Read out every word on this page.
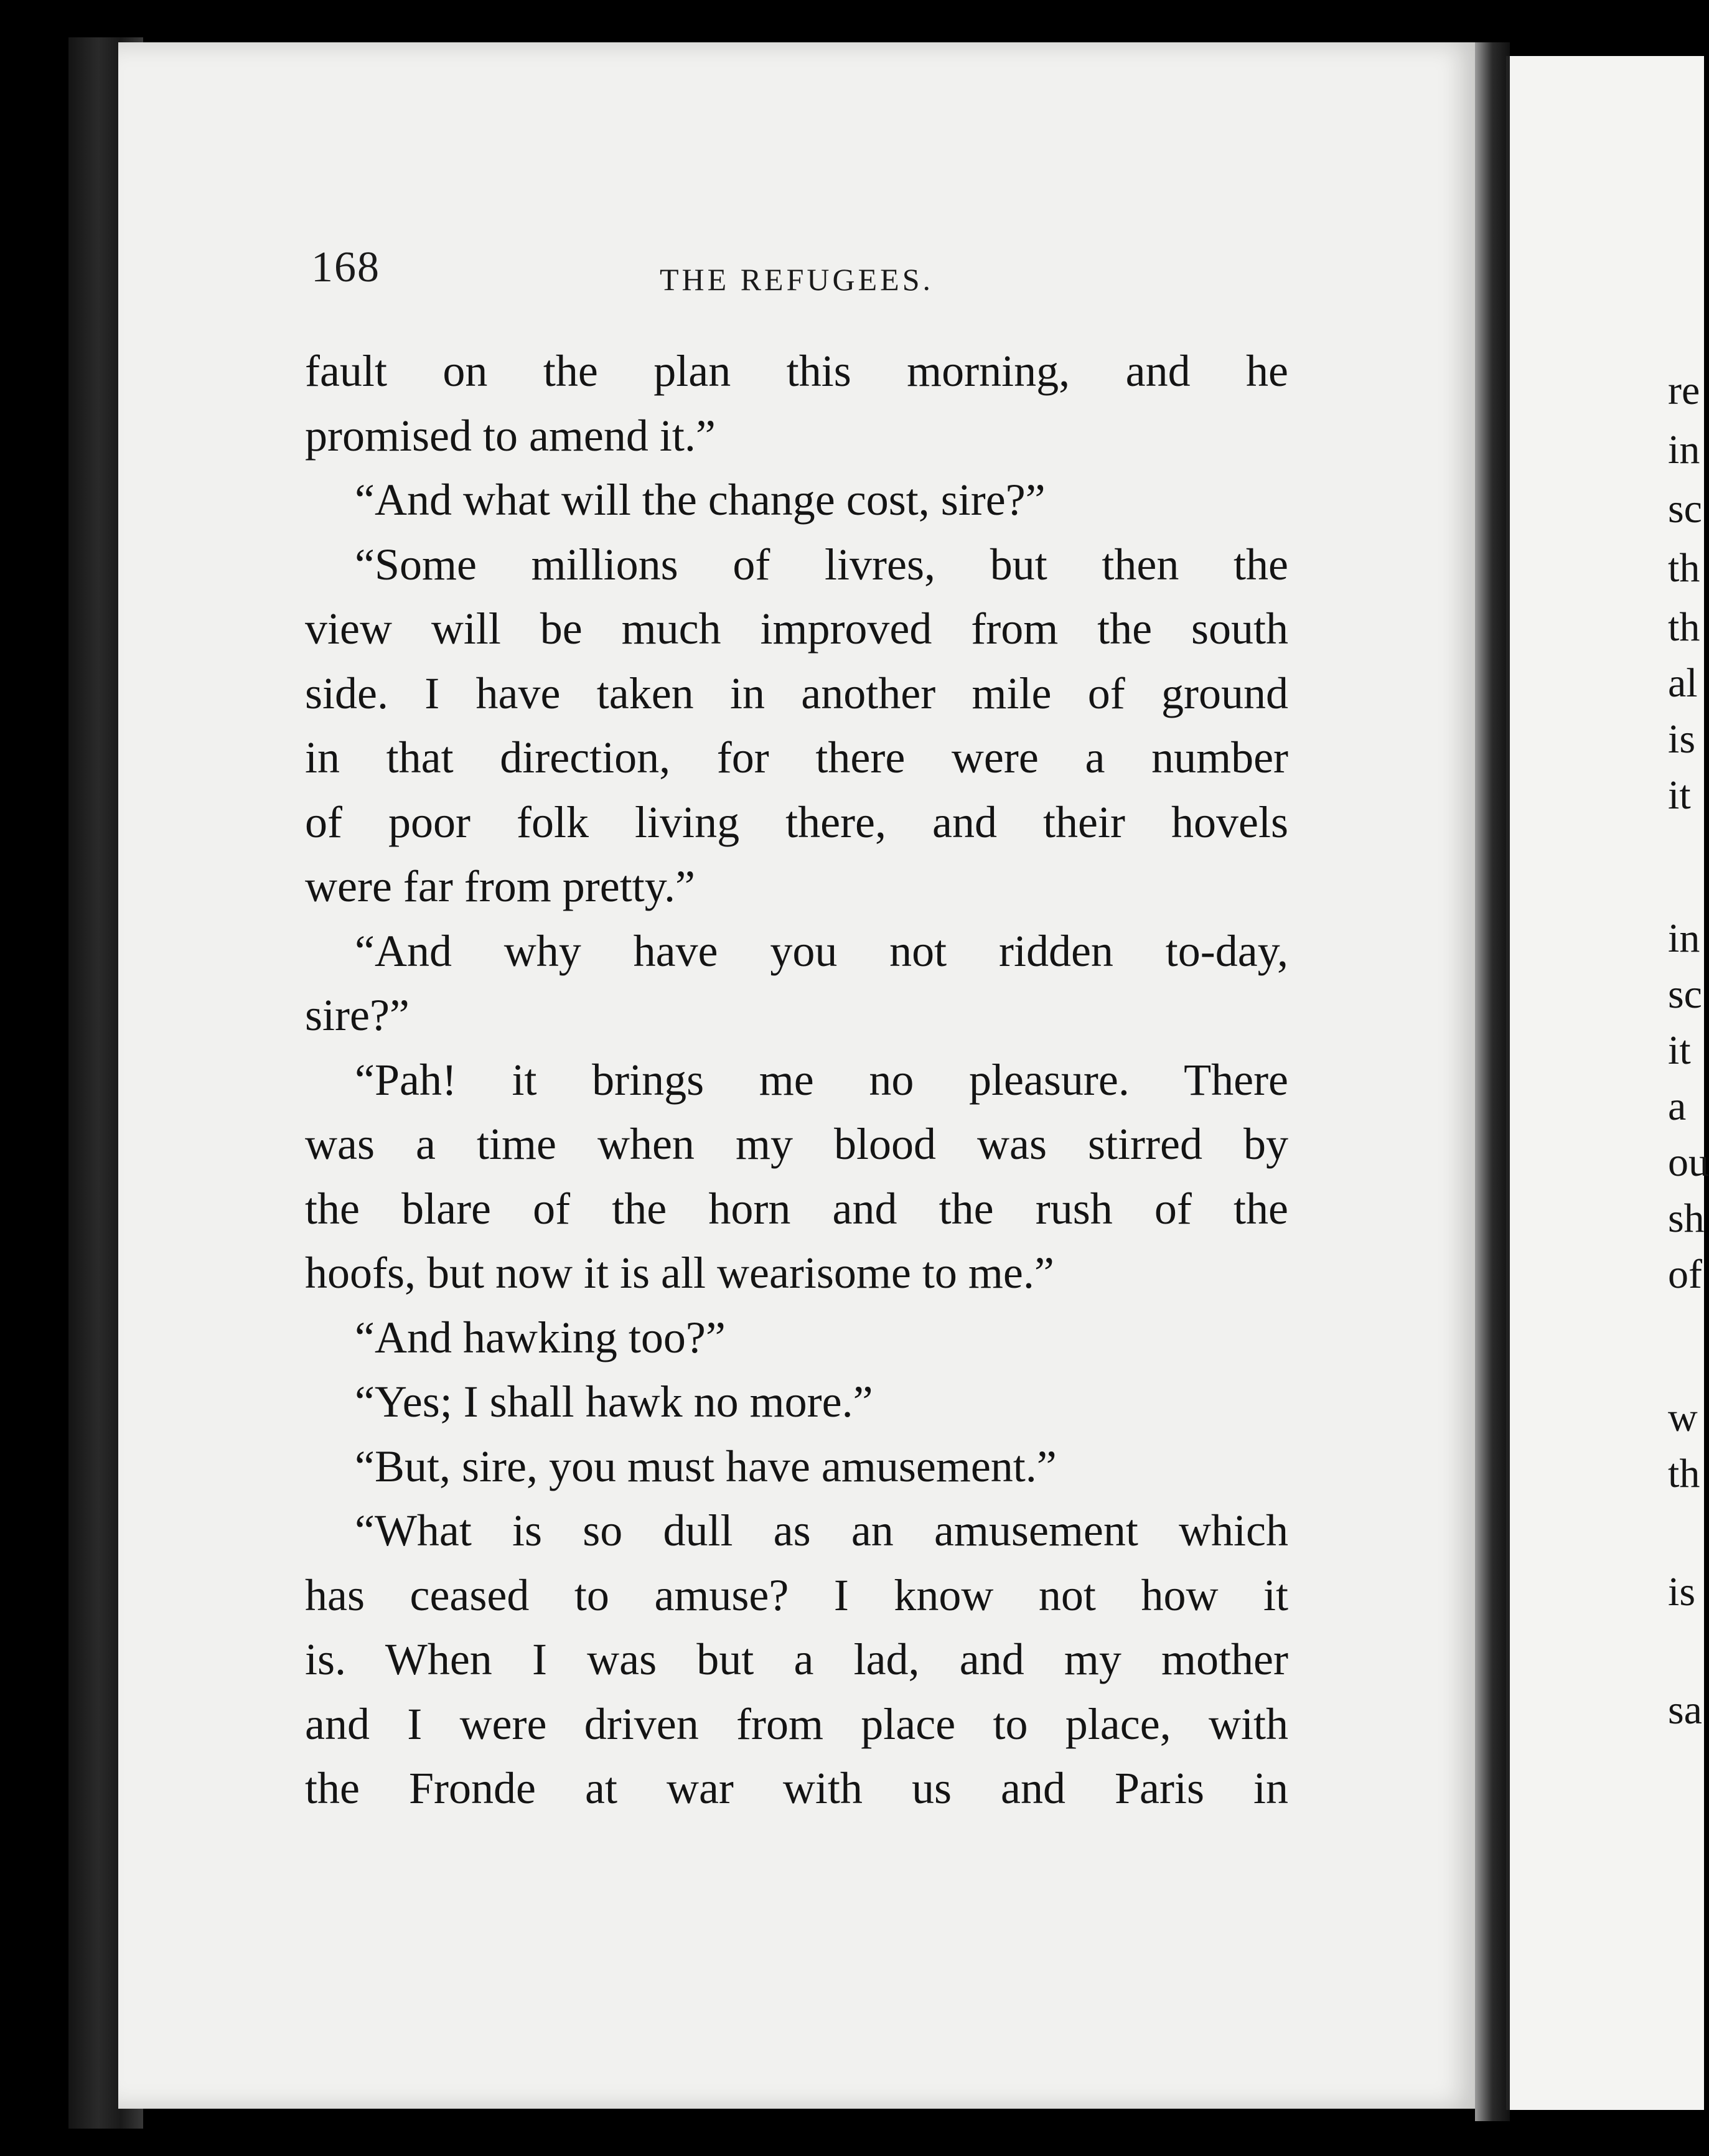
168	THE REFUGEES.
fault on the plan this morning, and he
promised to amend it.”
“And what will the change cost, sire?”
“Some millions of livres, but then the
view will be much improved from the south
side. I have taken in another mile of ground
in that direction, for there were a number
of poor folk living there, and their hovels
were far from pretty.”
“And why have you not ridden to-day,
sire?”
“Pah! it brings me no pleasure. There
was a time when my blood was stirred by
the blare of the horn and the rush of the
hoofs, but now it is all wearisome to me.”
“And hawking too?”
“Yes; I shall hawk no more.”
“But, sire, you must have amusement.”
“What is so dull as an amusement which
has ceased to amuse? I know not how it
is. When I was but a lad, and my mother
and I were driven from place to place, with
the Fronde at war with us and Paris in
re
in
sc
th
th
al
is
it
in
sc
it
a
ou
sh
of
w
th
is
sa
